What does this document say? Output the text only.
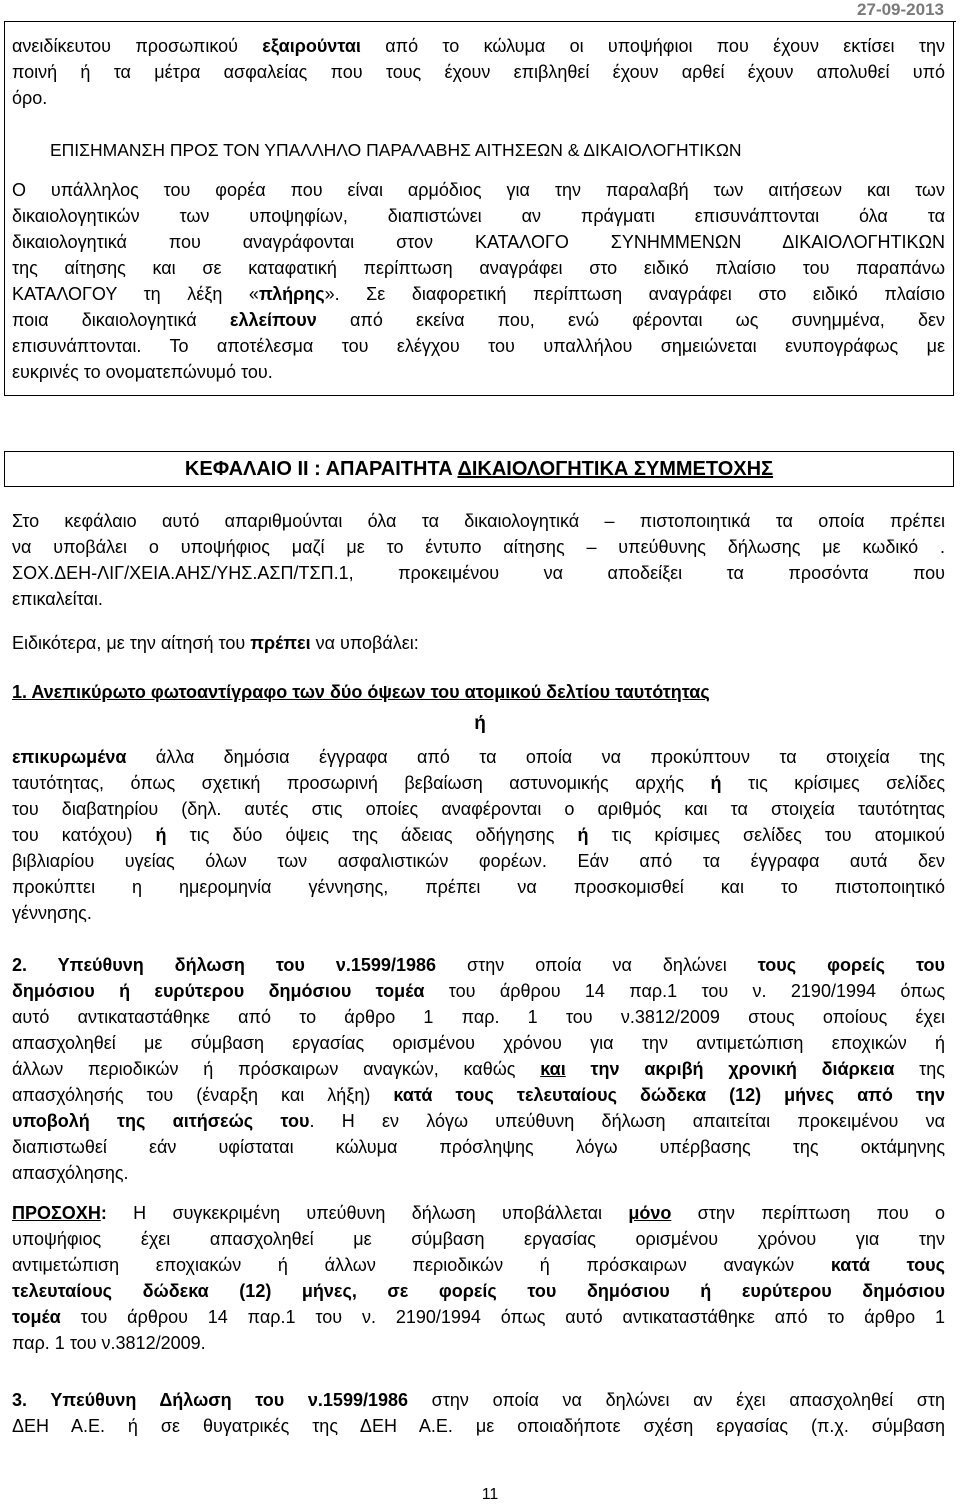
27-09-2013
ανειδίκευτου προσωπικού εξαιρούνται από το κώλυμα οι υποψήφιοι που έχουν εκτίσει την
ποινή ή τα μέτρα ασφαλείας που τους έχουν επιβληθεί έχουν αρθεί έχουν απολυθεί υπό
όρο.
ΕΠΙΣΗΜΑΝΣΗ ΠΡΟΣ ΤΟΝ ΥΠΑΛΛΗΛΟ ΠΑΡΑΛΑΒΗΣ ΑΙΤΗΣΕΩΝ & ΔΙΚΑΙΟΛΟΓΗΤΙΚΩΝ
Ο υπάλληλος του φορέα που είναι αρμόδιος για την παραλαβή των αιτήσεων και των
δικαιολογητικών των υποψηφίων, διαπιστώνει αν πράγματι επισυνάπτονται όλα τα
δικαιολογητικά που αναγράφονται στον ΚΑΤΑΛΟΓΟ ΣΥΝΗΜΜΕΝΩΝ ΔΙΚΑΙΟΛΟΓΗΤΙΚΩΝ
της αίτησης και σε καταφατική περίπτωση αναγράφει στο ειδικό πλαίσιο του παραπάνω
ΚΑΤΑΛΟΓΟΥ τη λέξη «πλήρης». Σε διαφορετική περίπτωση αναγράφει στο ειδικό πλαίσιο
ποια δικαιολογητικά ελλείπουν από εκείνα που, ενώ φέρονται ως συνημμένα, δεν
επισυνάπτονται. Το αποτέλεσμα του ελέγχου του υπαλλήλου σημειώνεται ενυπογράφως με
ευκρινές το ονοματεπώνυμό του.
ΚΕΦΑΛΑΙΟ ΙΙ : ΑΠΑΡΑΙΤΗΤΑ ΔΙΚΑΙΟΛΟΓΗΤΙΚΑ ΣΥΜΜΕΤΟΧΗΣ
Στο κεφάλαιο αυτό απαριθμούνται όλα τα δικαιολογητικά – πιστοποιητικά τα οποία πρέπει
να υποβάλει ο υποψήφιος μαζί με το έντυπο αίτησης – υπεύθυνης δήλωσης με κωδικό .
ΣΟΧ.ΔΕΗ-ΛΙΓ/ΧΕΙΑ.ΑΗΣ/ΥΗΣ.ΑΣΠ/ΤΣΠ.1, προκειμένου να αποδείξει τα προσόντα που
επικαλείται.
Ειδικότερα, με την αίτησή του πρέπει να υποβάλει:
1. Ανεπικύρωτο φωτοαντίγραφο των δύο όψεων του ατομικού δελτίου ταυτότητας
ή
επικυρωμένα άλλα δημόσια έγγραφα από τα οποία να προκύπτουν τα στοιχεία της
ταυτότητας, όπως σχετική προσωρινή βεβαίωση αστυνομικής αρχής ή τις κρίσιμες σελίδες
του διαβατηρίου (δηλ. αυτές στις οποίες αναφέρονται ο αριθμός και τα στοιχεία ταυτότητας
του κατόχου) ή τις δύο όψεις της άδειας οδήγησης ή τις κρίσιμες σελίδες του ατομικού
βιβλιαρίου υγείας όλων των ασφαλιστικών φορέων. Εάν από τα έγγραφα αυτά δεν
προκύπτει η ημερομηνία γέννησης, πρέπει να προσκομισθεί και το πιστοποιητικό
γέννησης.
2. Υπεύθυνη δήλωση του ν.1599/1986 στην οποία να δηλώνει τους φορείς του
δημόσιου ή ευρύτερου δημόσιου τομέα του άρθρου 14 παρ.1 του ν. 2190/1994 όπως
αυτό αντικαταστάθηκε από το άρθρο 1 παρ. 1 του ν.3812/2009 στους οποίους έχει
απασχοληθεί με σύμβαση εργασίας ορισμένου χρόνου για την αντιμετώπιση εποχικών ή
άλλων περιοδικών ή πρόσκαιρων αναγκών, καθώς και την ακριβή χρονική διάρκεια της
απασχόλησής του (έναρξη και λήξη) κατά τους τελευταίους δώδεκα (12) μήνες από την
υποβολή της αιτήσεώς του. Η εν λόγω υπεύθυνη δήλωση απαιτείται προκειμένου να
διαπιστωθεί εάν υφίσταται κώλυμα πρόσληψης λόγω υπέρβασης της οκτάμηνης
απασχόλησης.
ΠΡΟΣΟΧΗ: Η συγκεκριμένη υπεύθυνη δήλωση υποβάλλεται μόνο στην περίπτωση που ο
υποψήφιος έχει απασχοληθεί με σύμβαση εργασίας ορισμένου χρόνου για την
αντιμετώπιση εποχιακών ή άλλων περιοδικών ή πρόσκαιρων αναγκών κατά τους
τελευταίους δώδεκα (12) μήνες, σε φορείς του δημόσιου ή ευρύτερου δημόσιου
τομέα του άρθρου 14 παρ.1 του ν. 2190/1994 όπως αυτό αντικαταστάθηκε από το άρθρο 1
παρ. 1 του ν.3812/2009.
3. Υπεύθυνη Δήλωση του ν.1599/1986 στην οποία να δηλώνει αν έχει απασχοληθεί στη
ΔΕΗ Α.Ε. ή σε θυγατρικές της ΔΕΗ Α.Ε. με οποιαδήποτε σχέση εργασίας (π.χ. σύμβαση
11
